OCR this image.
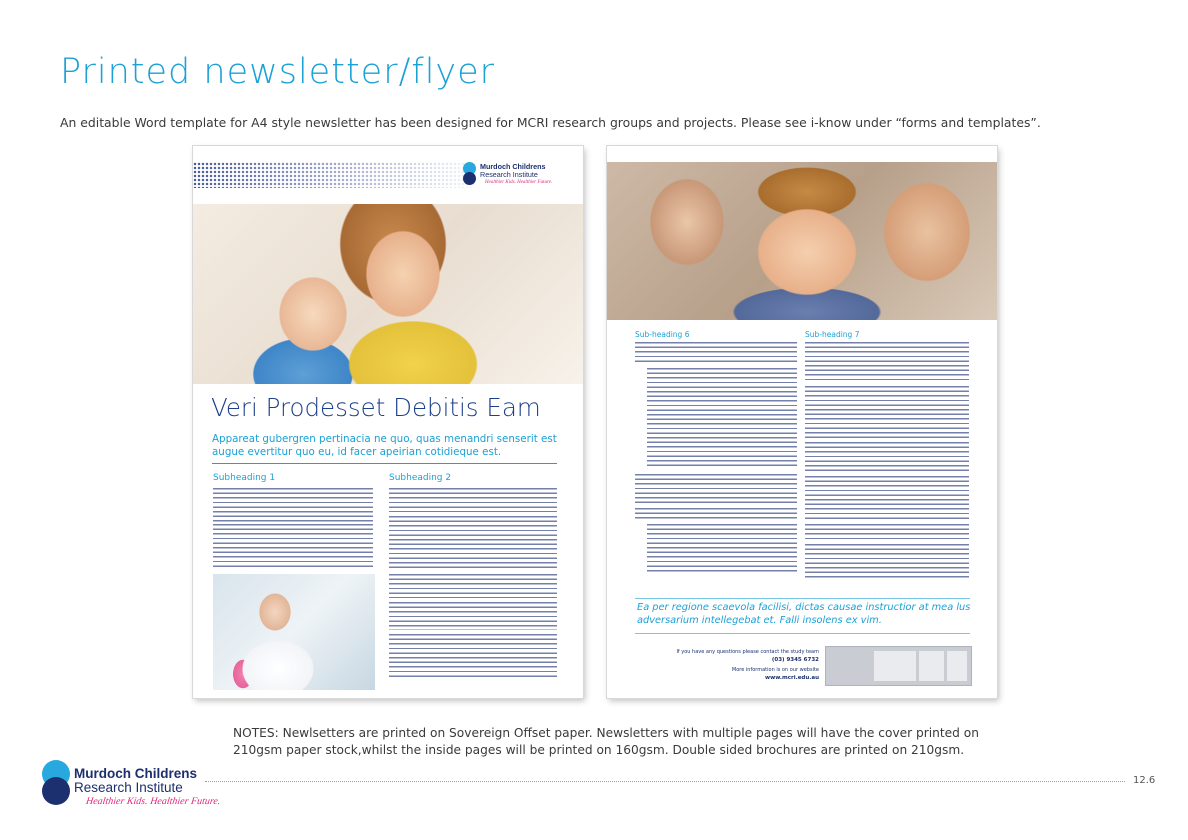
Printed newsletter/flyer
An editable Word template for A4 style newsletter has been designed for MCRI research groups and projects. Please see i-know under “forms and templates”.
Murdoch Childrens
Research Institute
Healthier Kids. Healthier Future.
Veri Prodesset Debitis Eam
Appareat gubergren pertinacia ne quo, quas menandri senserit est augue evertitur quo eu, id facer apeirian cotidieque est.
Subheading 1	Subheading 2
Sub-heading 6	Sub-heading 7
Ea per regione scaevola facilisi, dictas causae instructior at mea lus adversarium intellegebat et. Falli insolens ex vim.
If you have any questions please contact the study team
(03) 9345 6732
More information is on our website
www.mcri.edu.au
NOTES: Newlsetters are printed on Sovereign Offset paper. Newsletters with multiple pages will have the cover printed on 210gsm paper stock,whilst the inside pages will be printed on 160gsm. Double sided brochures are printed on 210gsm.
Murdoch Childrens
Research Institute
Healthier Kids. Healthier Future.
12.6
